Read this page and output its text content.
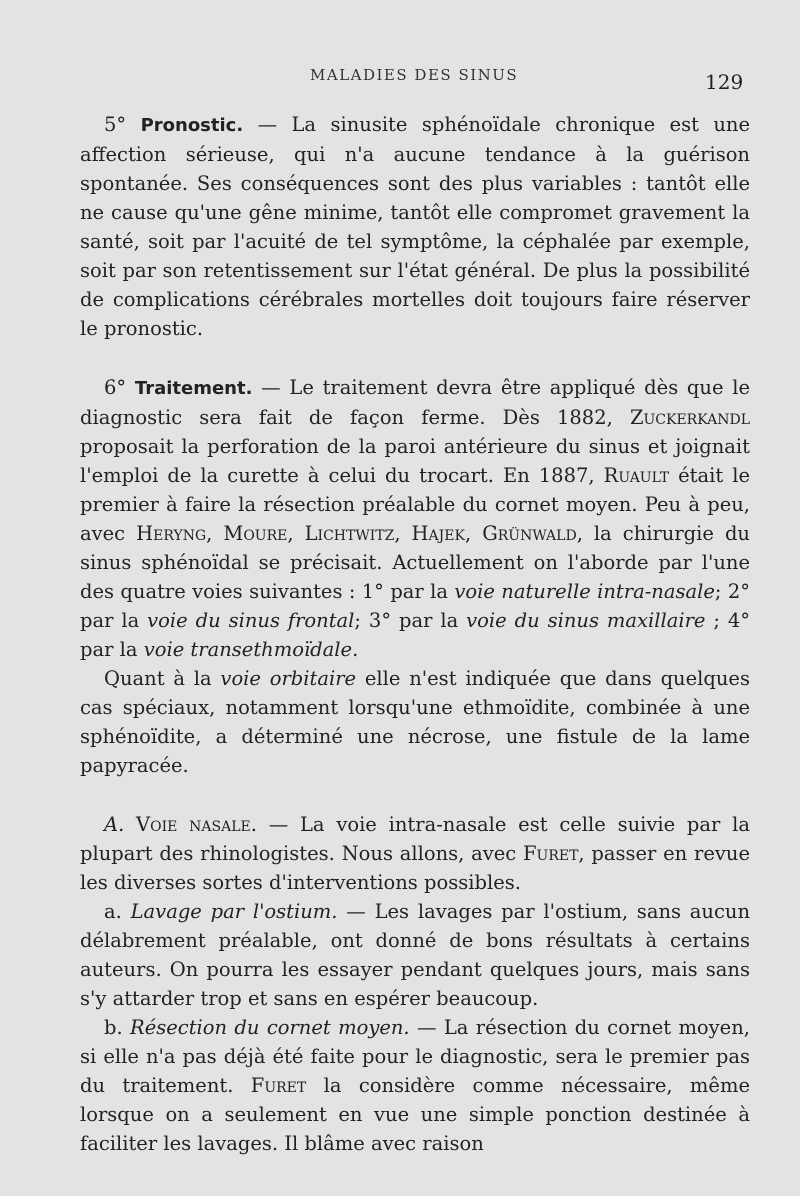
MALADIES DES SINUS	129

5° Pronostic. — La sinusite sphénoïdale chronique est une affection sérieuse, qui n'a aucune tendance à la guérison spontanée. Ses conséquences sont des plus variables : tantôt elle ne cause qu'une gêne minime, tantôt elle compromet gravement la santé, soit par l'acuité de tel symptôme, la céphalée par exemple, soit par son retentissement sur l'état général. De plus la possibilité de complications cérébrales mortelles doit toujours faire réserver le pronostic.

6° Traitement. — Le traitement devra être appliqué dès que le diagnostic sera fait de façon ferme. Dès 1882, Zuckerkandl proposait la perforation de la paroi antérieure du sinus et joignait l'emploi de la curette à celui du trocart. En 1887, Ruault était le premier à faire la résection préalable du cornet moyen. Peu à peu, avec Heryng, Moure, Lichtwitz, Hajek, Grünwald, la chirurgie du sinus sphénoïdal se précisait. Actuellement on l'aborde par l'une des quatre voies suivantes : 1° par la voie naturelle intra-nasale; 2° par la voie du sinus frontal; 3° par la voie du sinus maxillaire ; 4° par la voie transethmoïdale.

Quant à la voie orbitaire elle n'est indiquée que dans quelques cas spéciaux, notamment lorsqu'une ethmoïdite, combinée à une sphénoïdite, a déterminé une nécrose, une fistule de la lame papyracée.

A. Voie nasale. — La voie intra-nasale est celle suivie par la plupart des rhinologistes. Nous allons, avec Furet, passer en revue les diverses sortes d'interventions possibles.

a. Lavage par l'ostium. — Les lavages par l'ostium, sans aucun délabrement préalable, ont donné de bons résultats à certains auteurs. On pourra les essayer pendant quelques jours, mais sans s'y attarder trop et sans en espérer beaucoup.

b. Résection du cornet moyen. — La résection du cornet moyen, si elle n'a pas déjà été faite pour le diagnostic, sera le premier pas du traitement. Furet la considère comme nécessaire, même lorsque on a seulement en vue une simple ponction destinée à faciliter les lavages. Il blâme avec raison
